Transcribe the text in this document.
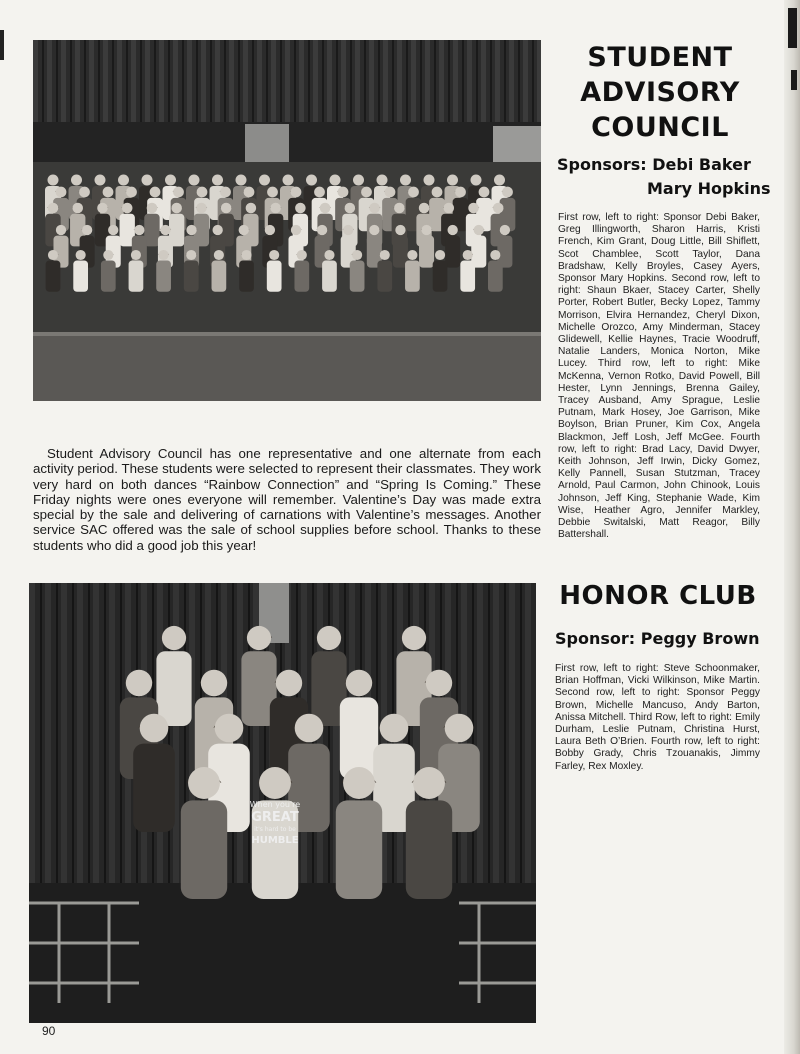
STUDENT
ADVISORY
COUNCIL
Sponsors: Debi Baker
Mary Hopkins
First row, left to right: Sponsor Debi Baker, Greg Illingworth, Sharon Harris, Kristi French, Kim Grant, Doug Little, Bill Shiflett, Scot Chamblee, Scott Taylor, Dana Bradshaw, Kelly Broyles, Casey Ayers, Sponsor Mary Hopkins. Second row, left to right: Shaun Bkaer, Stacey Carter, Shelly Porter, Robert Butler, Becky Lopez, Tammy Morrison, Elvira Hernandez, Cheryl Dixon, Michelle Orozco, Amy Minderman, Stacey Glidewell, Kellie Haynes, Tracie Woodruff, Natalie Landers, Monica Norton, Mike Lucey. Third row, left to right: Mike McKenna, Vernon Rotko, David Powell, Bill Hester, Lynn Jennings, Brenna Gailey, Tracey Ausband, Amy Sprague, Leslie Putnam, Mark Hosey, Joe Garrison, Mike Boylson, Brian Pruner, Kim Cox, Angela Blackmon, Jeff Losh, Jeff McGee. Fourth row, left to right: Brad Lacy, David Dwyer, Keith Johnson, Jeff Irwin, Dicky Gomez, Kelly Pannell, Susan Stutzman, Tracey Arnold, Paul Carmon, John Chinook, Louis Johnson, Jeff King, Stephanie Wade, Kim Wise, Heather Agro, Jennifer Markley, Debbie Switalski, Matt Reagor, Billy Battershall.
Student Advisory Council has one representative and one alternate from each activity period. These students were selected to represent their classmates. They work very hard on both dances “Rainbow Connection” and “Spring Is Coming.” These Friday nights were ones everyone will remember. Valentine’s Day was made extra special by the sale and delivering of carnations with Valentine’s messages. Another service SAC offered was the sale of school supplies before school. Thanks to these students who did a good job this year!
When you're
GREAT
it's hard to be
HUMBLE
HONOR CLUB
Sponsor: Peggy Brown
First row, left to right: Steve Schoonmaker, Brian Hoffman, Vicki Wilkinson, Mike Martin. Second row, left to right: Sponsor Peggy Brown, Michelle Mancuso, Andy Barton, Anissa Mitchell. Third Row, left to right: Emily Durham, Leslie Putnam, Christina Hurst, Laura Beth O’Brien. Fourth row, left to right: Bobby Grady, Chris Tzouanakis, Jimmy Farley, Rex Moxley.
90
